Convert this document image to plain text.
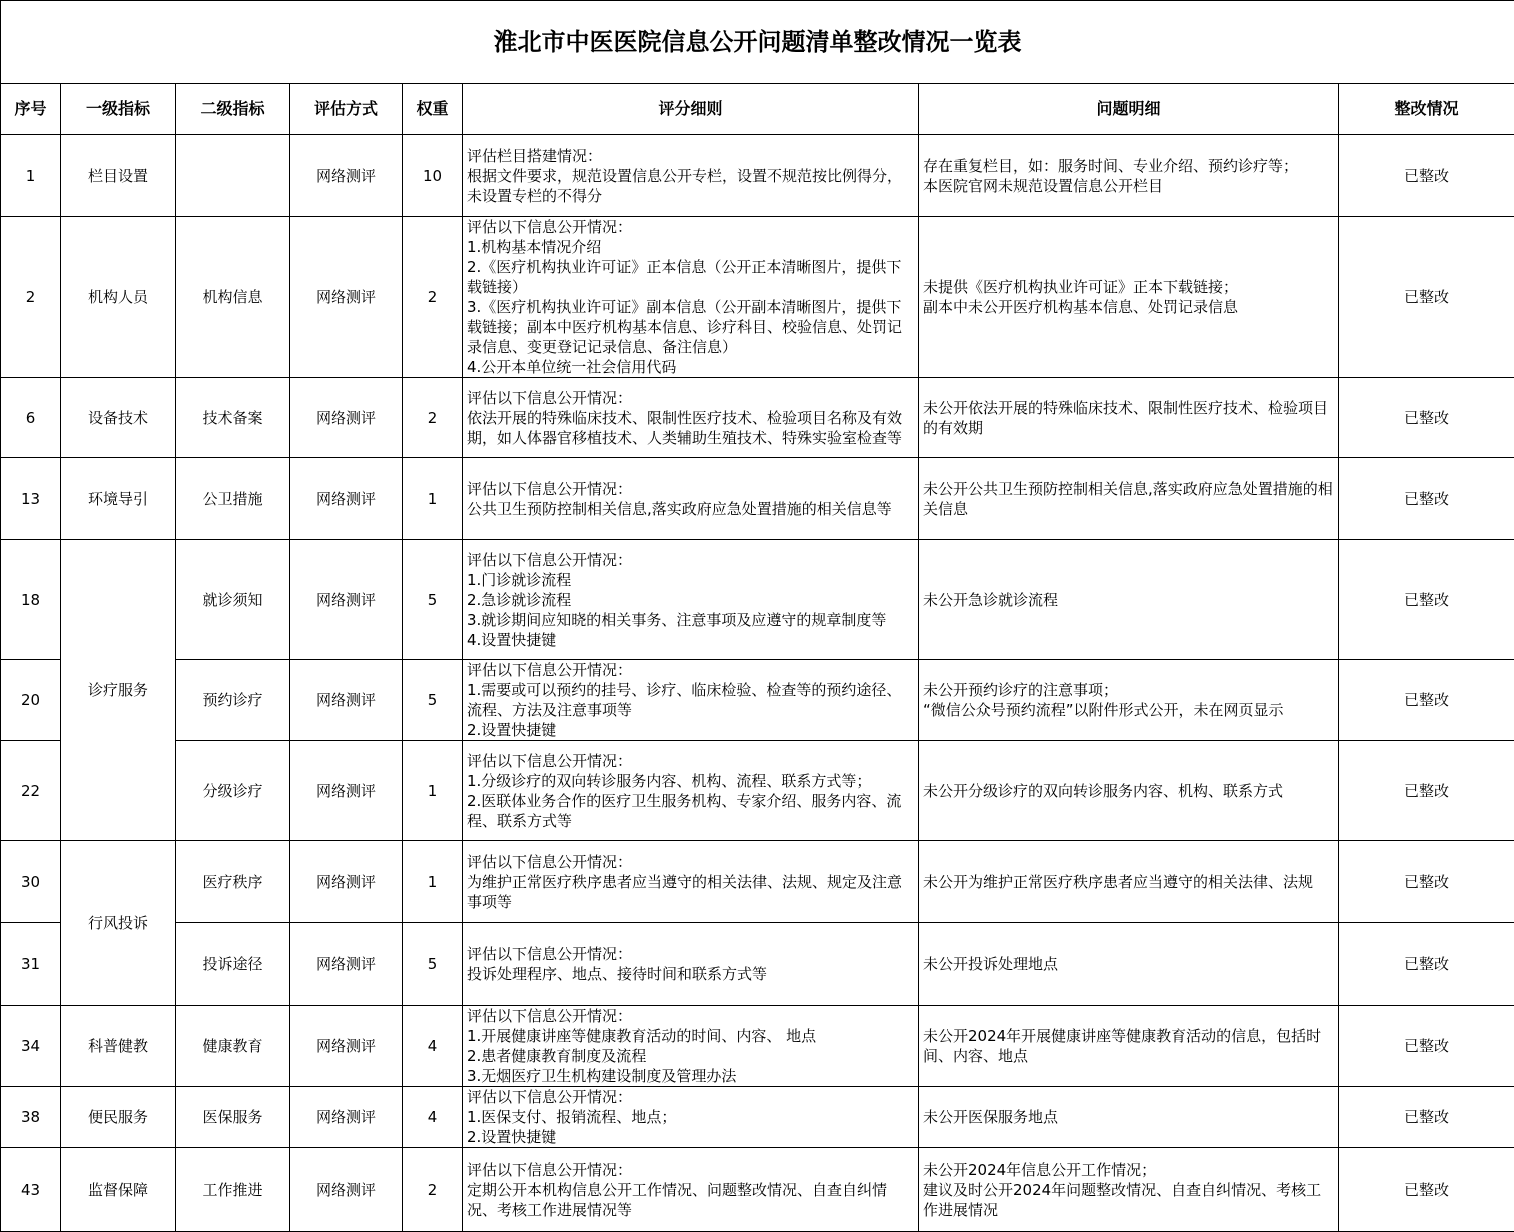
淮北市中医医院信息公开问题清单整改情况一览表							
序号	一级指标	二级指标	评估方式	权重	评分细则	问题明细	整改情况
1	栏目设置		网络测评	10	评估栏目搭建情况：
根据文件要求，规范设置信息公开专栏，设置不规范按比例得分，未设置专栏的不得分	存在重复栏目，如：服务时间、专业介绍、预约诊疗等；
本医院官网未规范设置信息公开栏目	已整改
2	机构人员	机构信息	网络测评	2	评估以下信息公开情况：
1.机构基本情况介绍
2.《医疗机构执业许可证》正本信息（公开正本清晰图片，提供下载链接）
3.《医疗机构执业许可证》副本信息（公开副本清晰图片，提供下载链接；副本中医疗机构基本信息、诊疗科目、校验信息、处罚记录信息、变更登记记录信息、备注信息）
4.公开本单位统一社会信用代码	未提供《医疗机构执业许可证》正本下载链接；
副本中未公开医疗机构基本信息、处罚记录信息	已整改
6	设备技术	技术备案	网络测评	2	评估以下信息公开情况：
依法开展的特殊临床技术、限制性医疗技术、检验项目名称及有效期，如人体器官移植技术、人类辅助生殖技术、特殊实验室检查等	未公开依法开展的特殊临床技术、限制性医疗技术、检验项目的有效期	已整改
13	环境导引	公卫措施	网络测评	1	评估以下信息公开情况：
公共卫生预防控制相关信息,落实政府应急处置措施的相关信息等	未公开公共卫生预防控制相关信息,落实政府应急处置措施的相关信息	已整改
18	诊疗服务	就诊须知	网络测评	5	评估以下信息公开情况：
1.门诊就诊流程
2.急诊就诊流程
3.就诊期间应知晓的相关事务、注意事项及应遵守的规章制度等
4.设置快捷键	未公开急诊就诊流程	已整改
20		预约诊疗	网络测评	5	评估以下信息公开情况：
1.需要或可以预约的挂号、诊疗、临床检验、检查等的预约途径、流程、方法及注意事项等
2.设置快捷键	未公开预约诊疗的注意事项；
“微信公众号预约流程”以附件形式公开，未在网页显示	已整改
22		分级诊疗	网络测评	1	评估以下信息公开情况：
1.分级诊疗的双向转诊服务内容、机构、流程、联系方式等；
2.医联体业务合作的医疗卫生服务机构、专家介绍、服务内容、流程、联系方式等	未公开分级诊疗的双向转诊服务内容、机构、联系方式	已整改
30	行风投诉	医疗秩序	网络测评	1	评估以下信息公开情况：
为维护正常医疗秩序患者应当遵守的相关法律、法规、规定及注意事项等	未公开为维护正常医疗秩序患者应当遵守的相关法律、法规	已整改
31		投诉途径	网络测评	5	评估以下信息公开情况：
投诉处理程序、地点、接待时间和联系方式等	未公开投诉处理地点	已整改
34	科普健教	健康教育	网络测评	4	评估以下信息公开情况：
1.开展健康讲座等健康教育活动的时间、内容、 地点
2.患者健康教育制度及流程
3.无烟医疗卫生机构建设制度及管理办法	未公开2024年开展健康讲座等健康教育活动的信息，包括时间、内容、地点	已整改
38	便民服务	医保服务	网络测评	4	评估以下信息公开情况：
1.医保支付、报销流程、地点；
2.设置快捷键	未公开医保服务地点	已整改
43	监督保障	工作推进	网络测评	2	评估以下信息公开情况：
定期公开本机构信息公开工作情况、问题整改情况、自查自纠情况、考核工作进展情况等	未公开2024年信息公开工作情况；
建议及时公开2024年问题整改情况、自查自纠情况、考核工作进展情况	已整改
